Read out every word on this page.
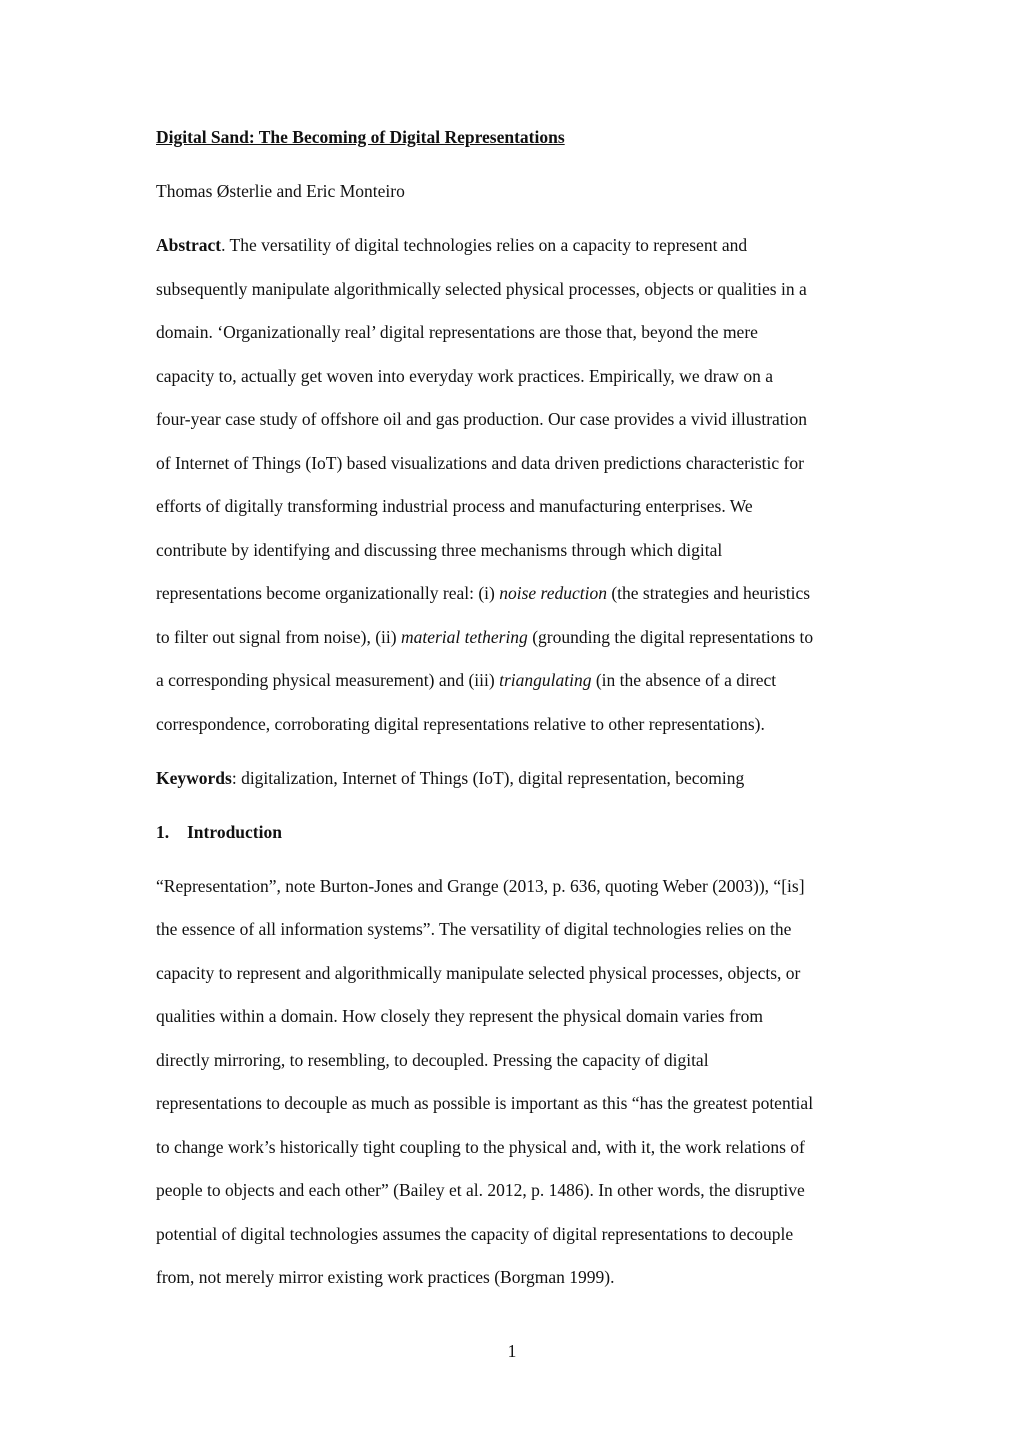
Digital Sand: The Becoming of Digital Representations
Thomas Østerlie and Eric Monteiro
Abstract. The versatility of digital technologies relies on a capacity to represent and
subsequently manipulate algorithmically selected physical processes, objects or qualities in a
domain. ‘Organizationally real’ digital representations are those that, beyond the mere
capacity to, actually get woven into everyday work practices. Empirically, we draw on a
four-year case study of offshore oil and gas production. Our case provides a vivid illustration
of Internet of Things (IoT) based visualizations and data driven predictions characteristic for
efforts of digitally transforming industrial process and manufacturing enterprises. We
contribute by identifying and discussing three mechanisms through which digital
representations become organizationally real: (i) noise reduction (the strategies and heuristics
to filter out signal from noise), (ii) material tethering (grounding the digital representations to
a corresponding physical measurement) and (iii) triangulating (in the absence of a direct
correspondence, corroborating digital representations relative to other representations).
Keywords: digitalization, Internet of Things (IoT), digital representation, becoming
1. Introduction
“Representation”, note Burton-Jones and Grange (2013, p. 636, quoting Weber (2003)), “[is]
the essence of all information systems”. The versatility of digital technologies relies on the
capacity to represent and algorithmically manipulate selected physical processes, objects, or
qualities within a domain. How closely they represent the physical domain varies from
directly mirroring, to resembling, to decoupled. Pressing the capacity of digital
representations to decouple as much as possible is important as this “has the greatest potential
to change work’s historically tight coupling to the physical and, with it, the work relations of
people to objects and each other” (Bailey et al. 2012, p. 1486). In other words, the disruptive
potential of digital technologies assumes the capacity of digital representations to decouple
from, not merely mirror existing work practices (Borgman 1999).
1
